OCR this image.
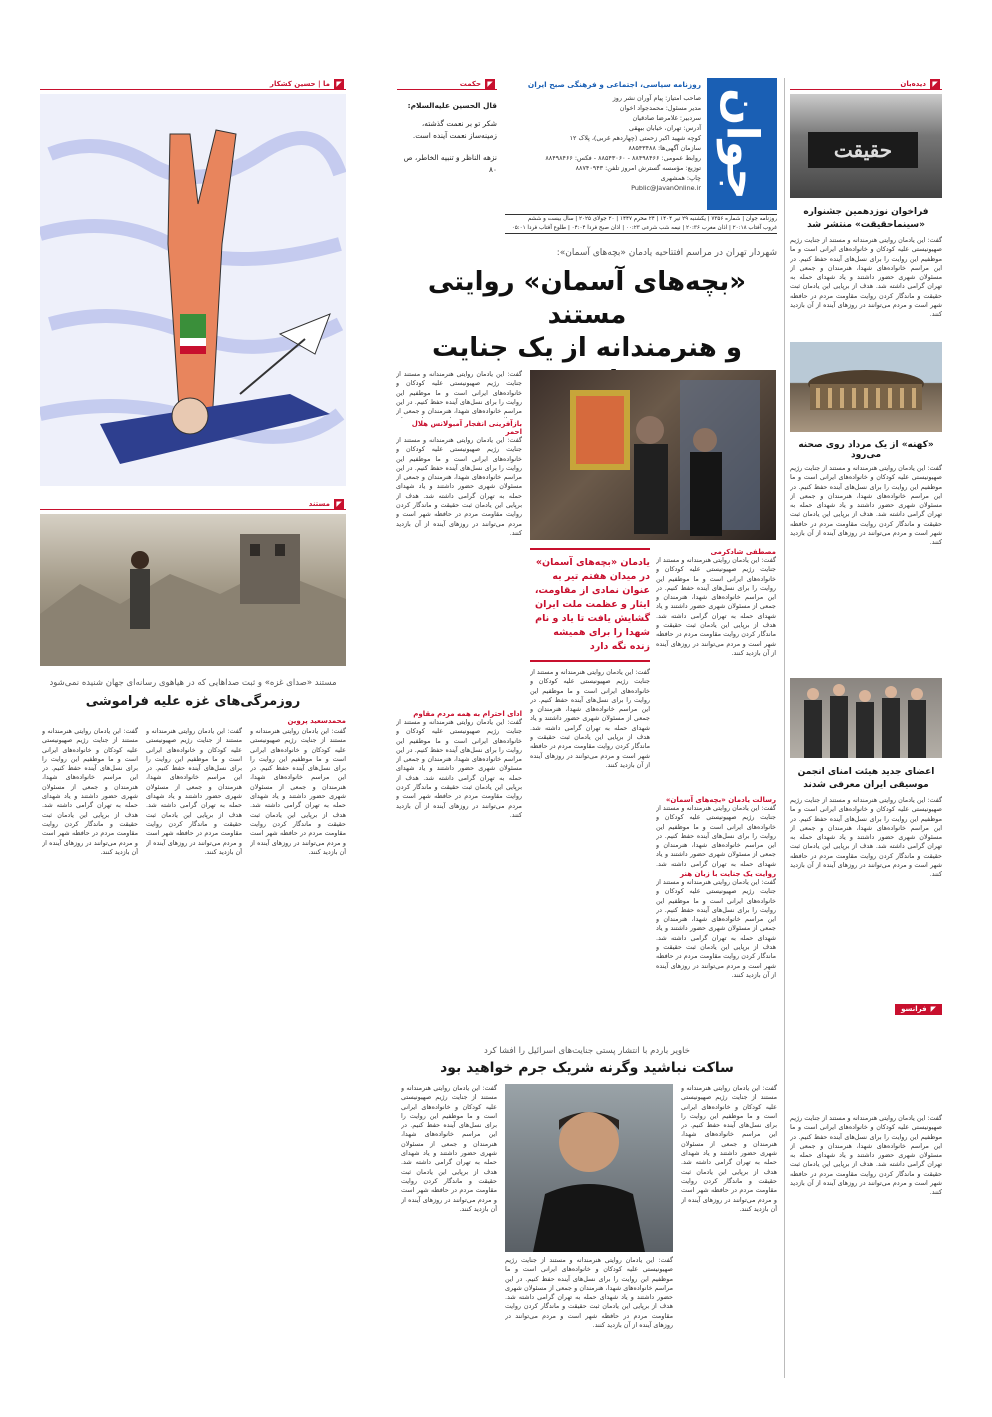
◤
دیده‌بان
حقیقت
فراخوان نوزدهمین جشنواره «سینماحقیقت» منتشر شد
گفت: این یادمان روایتی هنرمندانه و مستند از جنایت رژیم صهیونیستی علیه کودکان و خانواده‌های ایرانی است و ما موظفیم این روایت را برای نسل‌های آینده حفظ کنیم. در این مراسم خانواده‌های شهدا، هنرمندان و جمعی از مسئولان شهری حضور داشتند و یاد شهدای حمله به تهران گرامی داشته شد. هدف از برپایی این یادمان ثبت حقیقت و ماندگار کردن روایت مقاومت مردم در حافظه شهر است و مردم می‌توانند در روزهای آینده از آن بازدید کنند.
«کهنه» از یک مرداد روی صحنه می‌رود
گفت: این یادمان روایتی هنرمندانه و مستند از جنایت رژیم صهیونیستی علیه کودکان و خانواده‌های ایرانی است و ما موظفیم این روایت را برای نسل‌های آینده حفظ کنیم. در این مراسم خانواده‌های شهدا، هنرمندان و جمعی از مسئولان شهری حضور داشتند و یاد شهدای حمله به تهران گرامی داشته شد. هدف از برپایی این یادمان ثبت حقیقت و ماندگار کردن روایت مقاومت مردم در حافظه شهر است و مردم می‌توانند در روزهای آینده از آن بازدید کنند.
اعضای جدید هیئت امنای انجمن موسیقی ایران معرفی شدند
گفت: این یادمان روایتی هنرمندانه و مستند از جنایت رژیم صهیونیستی علیه کودکان و خانواده‌های ایرانی است و ما موظفیم این روایت را برای نسل‌های آینده حفظ کنیم. در این مراسم خانواده‌های شهدا، هنرمندان و جمعی از مسئولان شهری حضور داشتند و یاد شهدای حمله به تهران گرامی داشته شد. هدف از برپایی این یادمان ثبت حقیقت و ماندگار کردن روایت مقاومت مردم در حافظه شهر است و مردم می‌توانند در روزهای آینده از آن بازدید کنند.
◤
فرانسو
جوان
روزنامه سیاسی، اجتماعی و فرهنگی صبح ایران
صاحب امتیاز: پیام آوران نشر روز
مدیر مسئول: محمدجواد اخوان
سردبیر: غلامرضا صادقیان
آدرس: تهران، خیابان بیهقی
کوچه شهید اکبر زحمتی (چهاردهم غربی)، پلاک ۱۲
سازمان آگهی‌ها: ۸۸۵۴۳۴۸۸
روابط عمومی: ۸۸۴۹۸۴۶۶ - ۸۸۵۴۳۰۶۰ - فکس: ۸۸۴۹۸۴۶۶
توزیع: مؤسسه گسترش امروز تلفن: ۸۸۷۴۰۹۴۳
چاپ: همشهری
Public@JavanOnline.ir
روزنامه جوان | شماره ۷۳۵۶ | یکشنبه ۲۹ تیر ۱۴۰۴ | ۲۴ محرم ۱۴۴۷ | ۲۰ جولای ۲۰۲۵ | سال بیست و ششم
غروب آفتاب ۲۰:۱۸ | اذان مغرب ۲۰:۳۶ | نیمه شب شرعی ۰۰:۲۳ | اذان صبح فردا ۰۴:۰۴ | طلوع آفتاب فردا ۰۵:۰۱
◤
حکمت
قال الحسین علیه‌السلام:
شکر تو بر نعمت گذشته، زمینه‌ساز نعمت آینده است.
نزهه الناظر و تنبیه الخاطر، ص ۸۰
◤
ما | حسین کشکار
شهردار تهران در مراسم افتتاحیه یادمان «بچه‌های آسمان»:
«بچه‌های آسمان» روایتی مستند
و هنرمندانه از یک جنایت
گفت: این یادمان روایتی هنرمندانه و مستند از جنایت رژیم صهیونیستی علیه کودکان و خانواده‌های ایرانی است و ما موظفیم این روایت را برای نسل‌های آینده حفظ کنیم. در این مراسم خانواده‌های شهدا، هنرمندان و جمعی از
بازآفرینی انفجار آمبولانس هلال احمر
گفت: این یادمان روایتی هنرمندانه و مستند از جنایت رژیم صهیونیستی علیه کودکان و خانواده‌های ایرانی است و ما موظفیم این روایت را برای نسل‌های آینده حفظ کنیم. در این مراسم خانواده‌های شهدا، هنرمندان و جمعی از مسئولان شهری حضور داشتند و یاد شهدای حمله به تهران گرامی داشته شد. هدف از برپایی این یادمان ثبت حقیقت و ماندگار کردن روایت مقاومت مردم در حافظه شهر است و مردم می‌توانند در روزهای آینده از آن بازدید کنند.
ادای احترام به همه مردم مقاوم
گفت: این یادمان روایتی هنرمندانه و مستند از جنایت رژیم صهیونیستی علیه کودکان و خانواده‌های ایرانی است و ما موظفیم این روایت را برای نسل‌های آینده حفظ کنیم. در این مراسم خانواده‌های شهدا، هنرمندان و جمعی از مسئولان شهری حضور داشتند و یاد شهدای حمله به تهران گرامی داشته شد. هدف از برپایی این یادمان ثبت حقیقت و ماندگار کردن روایت مقاومت مردم در حافظه شهر است و مردم می‌توانند در روزهای آینده از آن بازدید کنند.
مصطفی شادکرمی
گفت: این یادمان روایتی هنرمندانه و مستند از جنایت رژیم صهیونیستی علیه کودکان و خانواده‌های ایرانی است و ما موظفیم این روایت را برای نسل‌های آینده حفظ کنیم. در این مراسم خانواده‌های شهدا، هنرمندان و جمعی از مسئولان شهری حضور داشتند و یاد شهدای حمله به تهران گرامی داشته شد. هدف از برپایی این یادمان ثبت حقیقت و ماندگار کردن روایت مقاومت مردم در حافظه شهر است و مردم می‌توانند در روزهای آینده از آن بازدید کنند.
رسالت یادمان «بچه‌های آسمان»
گفت: این یادمان روایتی هنرمندانه و مستند از جنایت رژیم صهیونیستی علیه کودکان و خانواده‌های ایرانی است و ما موظفیم این روایت را برای نسل‌های آینده حفظ کنیم. در این مراسم خانواده‌های شهدا، هنرمندان و جمعی از مسئولان شهری حضور داشتند و یاد شهدای حمله به تهران گرامی داشته شد.
روایت یک جنایت با زبان هنر
گفت: این یادمان روایتی هنرمندانه و مستند از جنایت رژیم صهیونیستی علیه کودکان و خانواده‌های ایرانی است و ما موظفیم این روایت را برای نسل‌های آینده حفظ کنیم. در این مراسم خانواده‌های شهدا، هنرمندان و جمعی از مسئولان شهری حضور داشتند و یاد شهدای حمله به تهران گرامی داشته شد. هدف از برپایی این یادمان ثبت حقیقت و ماندگار کردن روایت مقاومت مردم در حافظه شهر است و مردم می‌توانند در روزهای آینده از آن بازدید کنند.
یادمان «بچه‌های آسمان» در میدان هفتم تیر به عنوان نمادی از مقاومت، ایثار و عظمت ملت ایران گشایش یافت تا یاد و نام شهدا را برای همیشه زنده نگه دارد
گفت: این یادمان روایتی هنرمندانه و مستند از جنایت رژیم صهیونیستی علیه کودکان و خانواده‌های ایرانی است و ما موظفیم این روایت را برای نسل‌های آینده حفظ کنیم. در این مراسم خانواده‌های شهدا، هنرمندان و جمعی از مسئولان شهری حضور داشتند و یاد شهدای حمله به تهران گرامی داشته شد. هدف از برپایی این یادمان ثبت حقیقت و ماندگار کردن روایت مقاومت مردم در حافظه شهر است و مردم می‌توانند در روزهای آینده از آن بازدید کنند.
◤
مستند
مستند «صدای غزه» و ثبت صداهایی که در هیاهوی رسانه‌ای جهان شنیده نمی‌شود
روزمرگی‌های غزه علیه فراموشی
محمدسعید پروین
گفت: این یادمان روایتی هنرمندانه و مستند از جنایت رژیم صهیونیستی علیه کودکان و خانواده‌های ایرانی است و ما موظفیم این روایت را برای نسل‌های آینده حفظ کنیم. در این مراسم خانواده‌های شهدا، هنرمندان و جمعی از مسئولان شهری حضور داشتند و یاد شهدای حمله به تهران گرامی داشته شد. هدف از برپایی این یادمان ثبت حقیقت و ماندگار کردن روایت مقاومت مردم در حافظه شهر است و مردم می‌توانند در روزهای آینده از آن بازدید کنند.
گفت: این یادمان روایتی هنرمندانه و مستند از جنایت رژیم صهیونیستی علیه کودکان و خانواده‌های ایرانی است و ما موظفیم این روایت را برای نسل‌های آینده حفظ کنیم. در این مراسم خانواده‌های شهدا، هنرمندان و جمعی از مسئولان شهری حضور داشتند و یاد شهدای حمله به تهران گرامی داشته شد. هدف از برپایی این یادمان ثبت حقیقت و ماندگار کردن روایت مقاومت مردم در حافظه شهر است و مردم می‌توانند در روزهای آینده از آن بازدید کنند.
گفت: این یادمان روایتی هنرمندانه و مستند از جنایت رژیم صهیونیستی علیه کودکان و خانواده‌های ایرانی است و ما موظفیم این روایت را برای نسل‌های آینده حفظ کنیم. در این مراسم خانواده‌های شهدا، هنرمندان و جمعی از مسئولان شهری حضور داشتند و یاد شهدای حمله به تهران گرامی داشته شد. هدف از برپایی این یادمان ثبت حقیقت و ماندگار کردن روایت مقاومت مردم در حافظه شهر است و مردم می‌توانند در روزهای آینده از آن بازدید کنند.
خاویر باردم با انتشار پستی جنایت‌های اسرائیل را افشا کرد
ساکت نباشید وگرنه شریک جرم خواهید بود
گفت: این یادمان روایتی هنرمندانه و مستند از جنایت رژیم صهیونیستی علیه کودکان و خانواده‌های ایرانی است و ما موظفیم این روایت را برای نسل‌های آینده حفظ کنیم. در این مراسم خانواده‌های شهدا، هنرمندان و جمعی از مسئولان شهری حضور داشتند و یاد شهدای حمله به تهران گرامی داشته شد. هدف از برپایی این یادمان ثبت حقیقت و ماندگار کردن روایت مقاومت مردم در حافظه شهر است و مردم می‌توانند در روزهای آینده از آن بازدید کنند.
گفت: این یادمان روایتی هنرمندانه و مستند از جنایت رژیم صهیونیستی علیه کودکان و خانواده‌های ایرانی است و ما موظفیم این روایت را برای نسل‌های آینده حفظ کنیم. در این مراسم خانواده‌های شهدا، هنرمندان و جمعی از مسئولان شهری حضور داشتند و یاد شهدای حمله به تهران گرامی داشته شد. هدف از برپایی این یادمان ثبت حقیقت و ماندگار کردن روایت مقاومت مردم در حافظه شهر است و مردم می‌توانند در روزهای آینده از آن بازدید کنند.
گفت: این یادمان روایتی هنرمندانه و مستند از جنایت رژیم صهیونیستی علیه کودکان و خانواده‌های ایرانی است و ما موظفیم این روایت را برای نسل‌های آینده حفظ کنیم. در این مراسم خانواده‌های شهدا، هنرمندان و جمعی از مسئولان شهری حضور داشتند و یاد شهدای حمله به تهران گرامی داشته شد. هدف از برپایی این یادمان ثبت حقیقت و ماندگار کردن روایت مقاومت مردم در حافظه شهر است و مردم می‌توانند در روزهای آینده از آن بازدید کنند.
گفت: این یادمان روایتی هنرمندانه و مستند از جنایت رژیم صهیونیستی علیه کودکان و خانواده‌های ایرانی است و ما موظفیم این روایت را برای نسل‌های آینده حفظ کنیم. در این مراسم خانواده‌های شهدا، هنرمندان و جمعی از مسئولان شهری حضور داشتند و یاد شهدای حمله به تهران گرامی داشته شد. هدف از برپایی این یادمان ثبت حقیقت و ماندگار کردن روایت مقاومت مردم در حافظه شهر است و مردم می‌توانند در روزهای آینده از آن بازدید کنند.
